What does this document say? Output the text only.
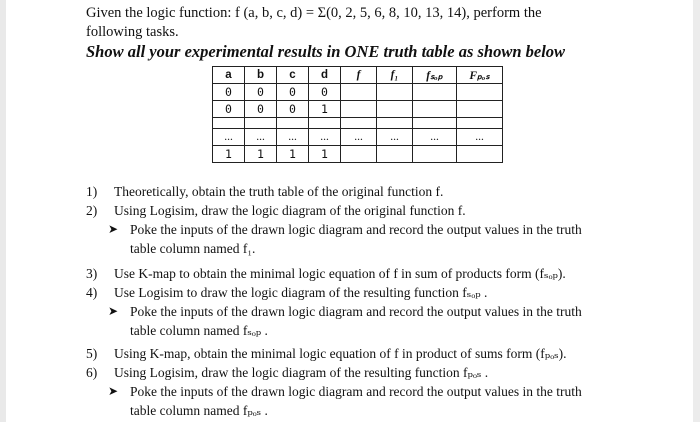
Given the logic function: f (a, b, c, d) = Σ(0, 2, 5, 6, 8, 10, 13, 14), perform the
following tasks.
Show all your experimental results in ONE truth table as shown below
a	b	c	d	f	f₁	fₛₒₚ	Fₚₒₛ
0	0	0	0				
0	0	0	1				

...	...	...	...	...	...	...	...
1	1	1	1				
1) Theoretically, obtain the truth table of the original function f.
2) Using Logisim, draw the logic diagram of the original function f.
➤ Poke the inputs of the drawn logic diagram and record the output values in the truth
table column named f₁.
3) Use K-map to obtain the minimal logic equation of f in sum of products form (fₛₒₚ).
4) Use Logisim to draw the logic diagram of the resulting function fₛₒₚ .
➤ Poke the inputs of the drawn logic diagram and record the output values in the truth
table column named fₛₒₚ .
5) Using K-map, obtain the minimal logic equation of f in product of sums form (fₚₒₛ).
6) Using Logisim, draw the logic diagram of the resulting function fₚₒₛ .
➤ Poke the inputs of the drawn logic diagram and record the output values in the truth
table column named fₚₒₛ .
